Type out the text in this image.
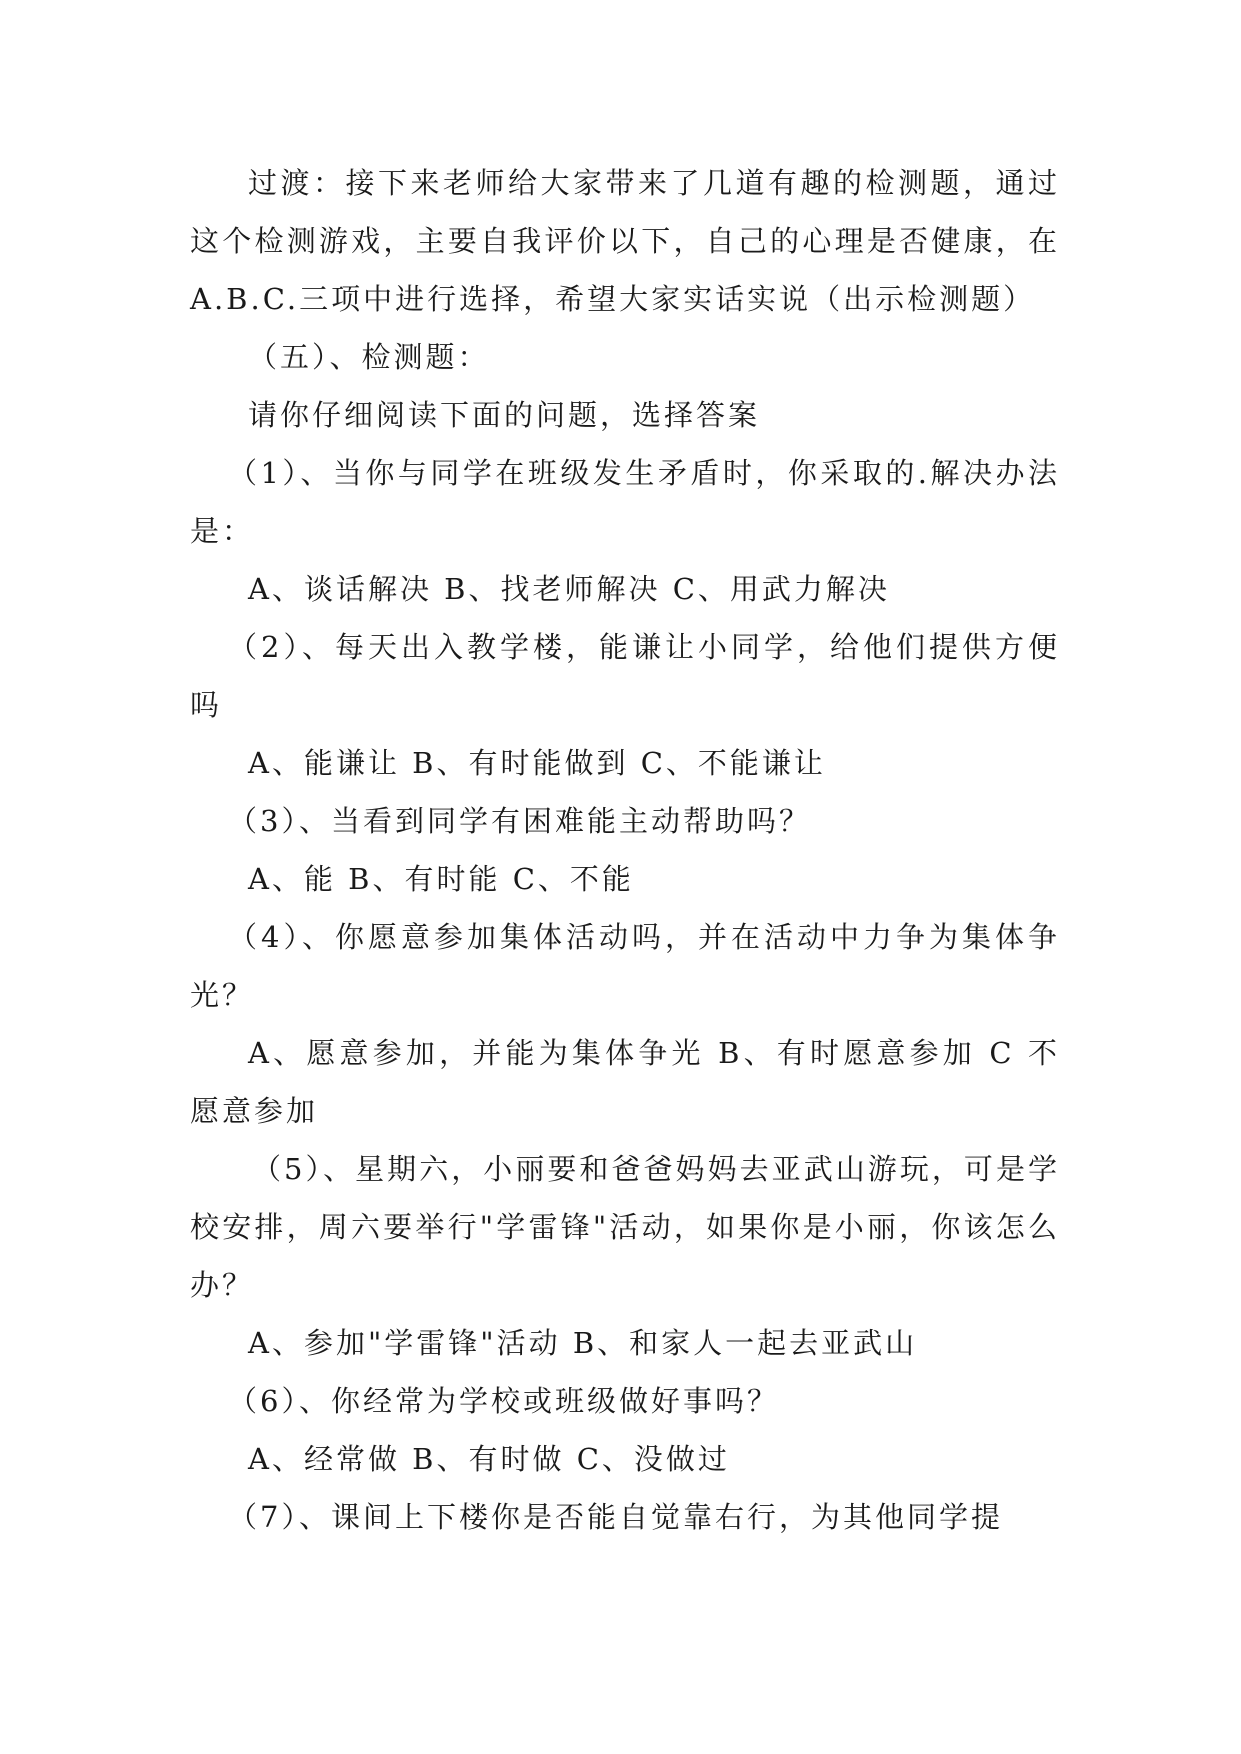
过渡：接下来老师给大家带来了几道有趣的检测题，通过这个检测游戏，主要自我评价以下，自己的心理是否健康，在A.B.C.三项中进行选择，希望大家实话实说（出示检测题）

（五）、检测题：

请你仔细阅读下面的问题，选择答案

（1）、当你与同学在班级发生矛盾时，你采取的.解决办法是：

A、谈话解决 B、找老师解决 C、用武力解决

（2）、每天出入教学楼，能谦让小同学，给他们提供方便吗

A、能谦让 B、有时能做到 C、不能谦让

（3）、当看到同学有困难能主动帮助吗？

A、能 B、有时能 C、不能

（4）、你愿意参加集体活动吗，并在活动中力争为集体争光？

A、愿意参加，并能为集体争光 B、有时愿意参加 C 不愿意参加

（5）、星期六，小丽要和爸爸妈妈去亚武山游玩，可是学校安排，周六要举行"学雷锋"活动，如果你是小丽，你该怎么办？

A、参加"学雷锋"活动 B、和家人一起去亚武山

（6）、你经常为学校或班级做好事吗？

A、经常做 B、有时做 C、没做过

（7）、课间上下楼你是否能自觉靠右行，为其他同学提
